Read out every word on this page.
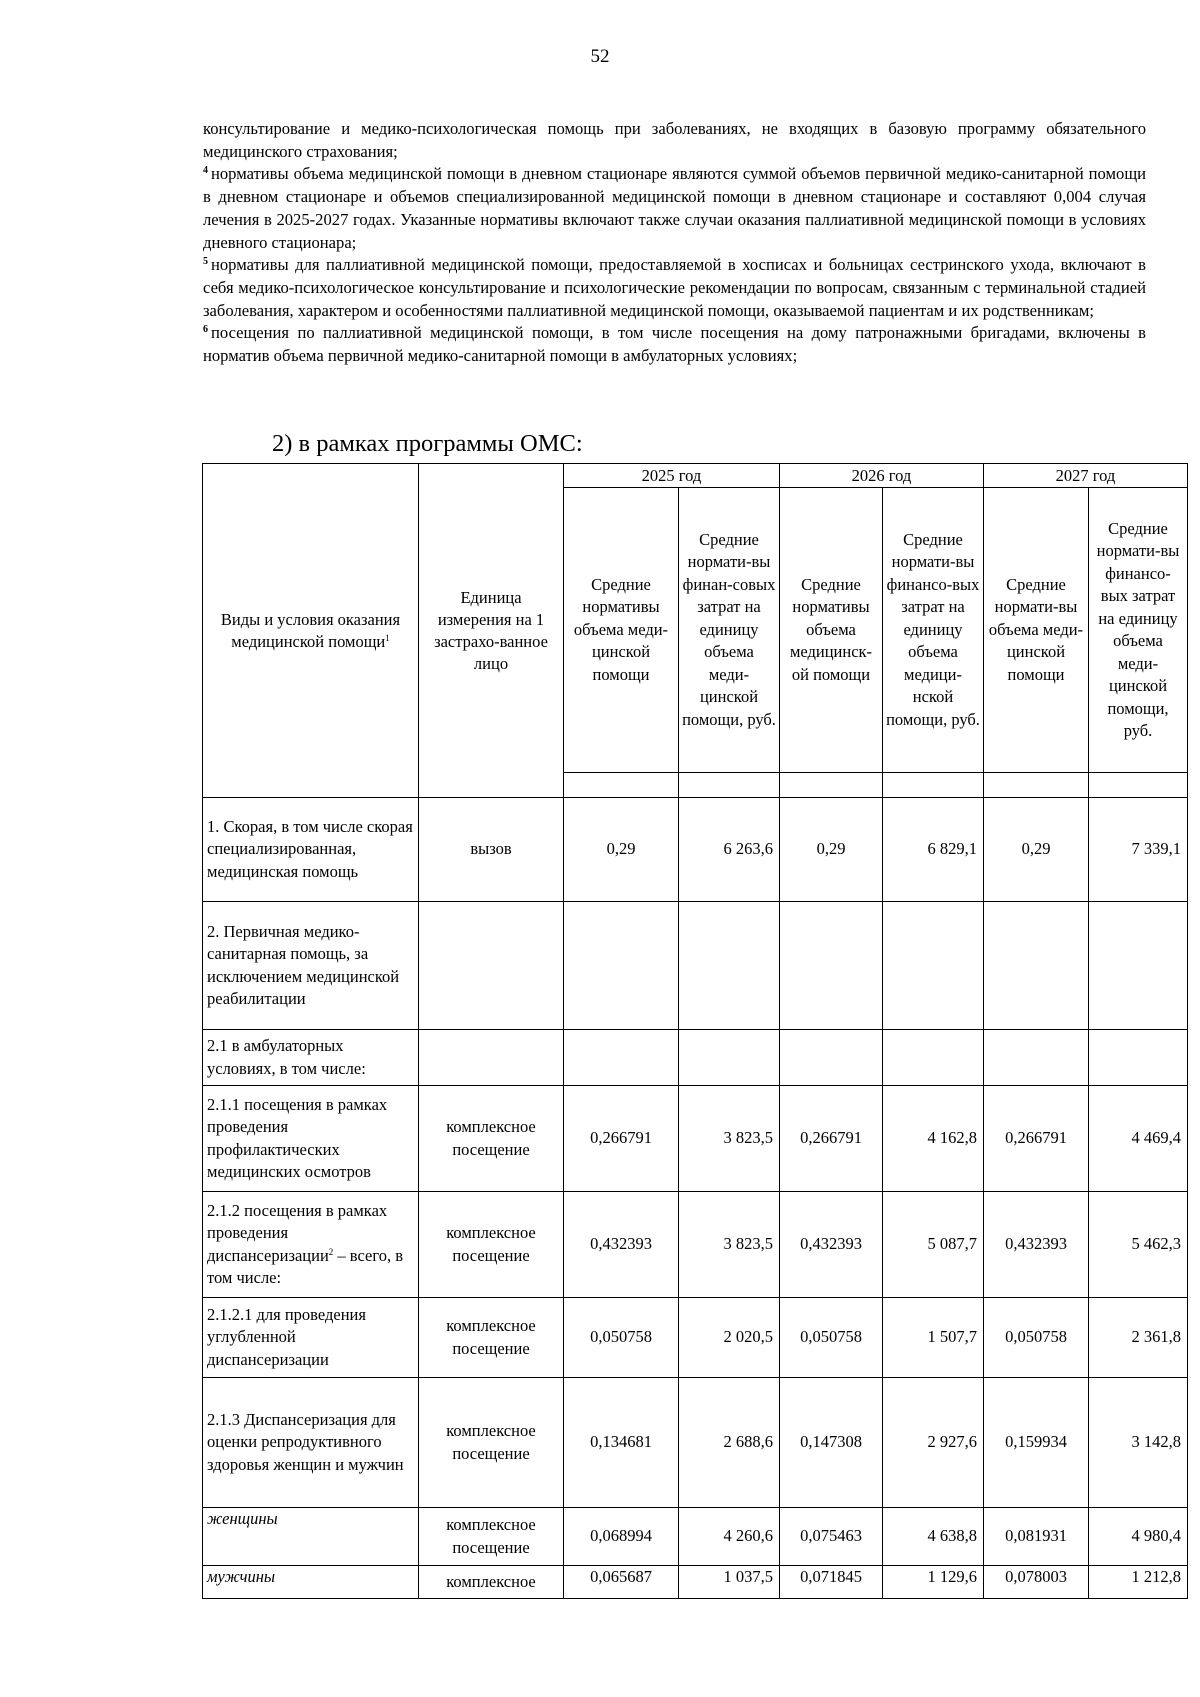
52

консультирование и медико-психологическая помощь при заболеваниях, не входящих в базовую программу обязательного медицинского страхования;

$^4$ нормативы объема медицинской помощи в дневном стационаре являются суммой объемов первичной медико-санитарной помощи в дневном стационаре и объемов специализированной медицинской помощи в дневном стационаре и составляют 0,004 случая лечения в 2025-2027 годах. Указанные нормативы включают также случаи оказания паллиативной медицинской помощи в условиях дневного стационара;

$^5$ нормативы для паллиативной медицинской помощи, предоставляемой в хосписах и больницах сестринского ухода, включают в себя медико-психологическое консультирование и психологические рекомендации по вопросам, связанным с терминальной стадией заболевания, характером и особенностями паллиативной медицинской помощи, оказываемой пациентам и их родственникам;

$^6$ посещения по паллиативной медицинской помощи, в том числе посещения на дому патронажными бригадами, включены в норматив объема первичной медико-санитарной помощи в амбулаторных условиях;

2) в рамках программы ОМС:
Виды и условия оказания медицинской помощи$^1$	Единица измерения на 1 застрахо-ванное лицо	2025 год		2026 год		2027 год	
		Средние нормативы объема меди-цинской помощи	Средние нормати-вы финан-совых затрат на единицу объема меди-цинской помощи, руб.	Средние нормативы объема медицинск-ой помощи	Средние нормати-вы финансо-вых затрат на единицу объема медици-нской помощи, руб.	Средние нормати-вы объема меди-цинской помощи	Средние нормати-вы финансо-вых затрат на единицу объема меди-цинской помощи, руб.

1. Скорая, в том числе скорая специализированная, медицинская помощь	вызов	0,29	6 263,6	0,29	6 829,1	0,29	7 339,1
2. Первичная медико-санитарная помощь, за исключением медицинской реабилитации							
2.1 в амбулаторных условиях, в том числе:							
2.1.1 посещения в рамках проведения профилактических медицинских осмотров	комплексное посещение	0,266791	3 823,5	0,266791	4 162,8	0,266791	4 469,4
2.1.2 посещения в рамках проведения диспансеризации$^2$ – всего, в том числе:	комплексное посещение	0,432393	3 823,5	0,432393	5 087,7	0,432393	5 462,3
2.1.2.1 для проведения углубленной диспансеризации	комплексное посещение	0,050758	2 020,5	0,050758	1 507,7	0,050758	2 361,8
2.1.3 Диспансеризация для оценки репродуктивного здоровья женщин и мужчин	комплексное посещение	0,134681	2 688,6	0,147308	2 927,6	0,159934	3 142,8
женщины	комплексное посещение	0,068994	4 260,6	0,075463	4 638,8	0,081931	4 980,4
мужчины	комплексное	0,065687	1 037,5	0,071845	1 129,6	0,078003	1 212,8
